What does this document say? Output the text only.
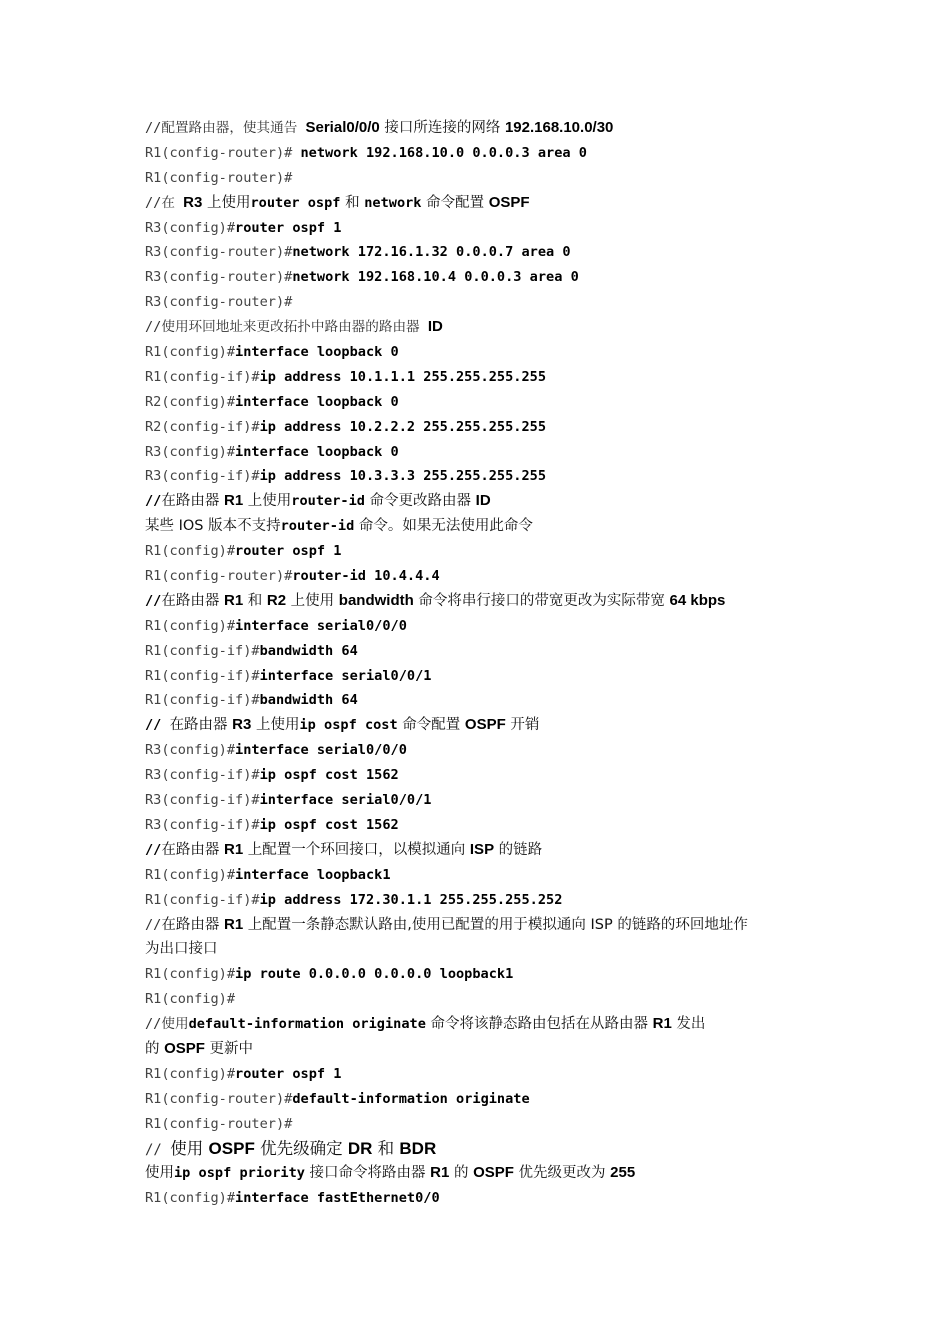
//配置路由器，使其通告 Serial0/0/0 接口所连接的网络 192.168.10.0/30
R1(config-router)# network 192.168.10.0 0.0.0.3 area 0
R1(config-router)#
//在 R3 上使用router ospf 和 network 命令配置 OSPF
R3(config)#router ospf 1
R3(config-router)#network 172.16.1.32 0.0.0.7 area 0
R3(config-router)#network 192.168.10.4 0.0.0.3 area 0
R3(config-router)#
//使用环回地址来更改拓扑中路由器的路由器 ID
R1(config)#interface loopback 0
R1(config-if)#ip address 10.1.1.1 255.255.255.255
R2(config)#interface loopback 0
R2(config-if)#ip address 10.2.2.2 255.255.255.255
R3(config)#interface loopback 0
R3(config-if)#ip address 10.3.3.3 255.255.255.255
//在路由器 R1 上使用router-id 命令更改路由器 ID
某些 IOS 版本不支持router-id 命令。如果无法使用此命令
R1(config)#router ospf 1
R1(config-router)#router-id 10.4.4.4
//在路由器 R1 和 R2 上使用 bandwidth 命令将串行接口的带宽更改为实际带宽 64 kbps
R1(config)#interface serial0/0/0
R1(config-if)#bandwidth 64
R1(config-if)#interface serial0/0/1
R1(config-if)#bandwidth 64
// 在路由器 R3 上使用ip ospf cost 命令配置 OSPF 开销
R3(config)#interface serial0/0/0
R3(config-if)#ip ospf cost 1562
R3(config-if)#interface serial0/0/1
R3(config-if)#ip ospf cost 1562
//在路由器 R1 上配置一个环回接口，以模拟通向 ISP 的链路
R1(config)#interface loopback1
R1(config-if)#ip address 172.30.1.1 255.255.255.252
//在路由器 R1 上配置一条静态默认路由,使用已配置的用于模拟通向 ISP 的链路的环回地址作
为出口接口
R1(config)#ip route 0.0.0.0 0.0.0.0 loopback1
R1(config)#
//使用default-information originate 命令将该静态路由包括在从路由器 R1 发出
的 OSPF 更新中
R1(config)#router ospf 1
R1(config-router)#default-information originate
R1(config-router)#
// 使用 OSPF 优先级确定 DR 和 BDR
使用ip ospf priority 接口命令将路由器 R1 的 OSPF 优先级更改为 255
R1(config)#interface fastEthernet0/0
